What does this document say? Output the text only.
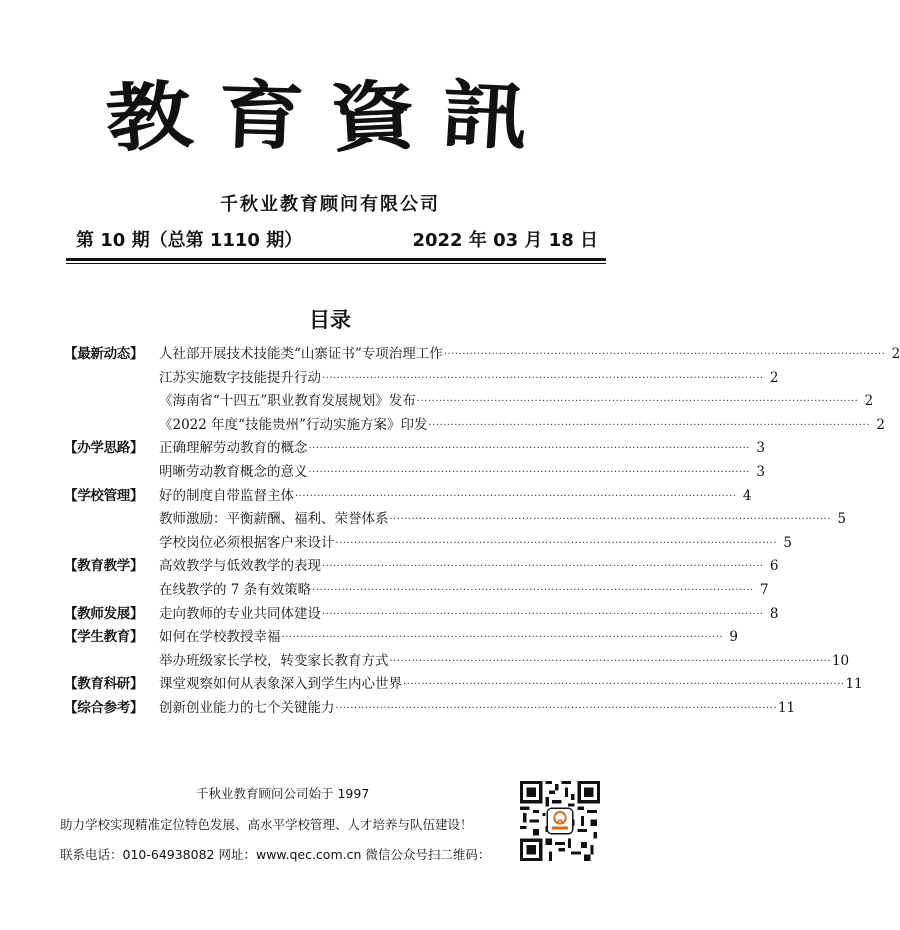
教育資訊
千秋业教育顾问有限公司
第 10 期（总第 1110 期）	2022 年 03 月 18 日
目录
【最新动态】	人社部开展技术技能类“山寨证书”专项治理工作 ························································································································ 2
江苏实施数字技能提升行动 ························································································································ 2
《海南省“十四五”职业教育发展规划》发布 ························································································································ 2
《2022 年度“技能贵州”行动实施方案》印发 ························································································································ 2
【办学思路】	正确理解劳动教育的概念 ························································································································ 3
明晰劳动教育概念的意义 ························································································································ 3
【学校管理】	好的制度自带监督主体 ························································································································ 4
教师激励：平衡薪酬、福利、荣誉体系 ························································································································ 5
学校岗位必须根据客户来设计 ························································································································ 5
【教育教学】	高效教学与低效教学的表现 ························································································································ 6
在线教学的 7 条有效策略 ························································································································ 7
【教师发展】	走向教师的专业共同体建设 ························································································································ 8
【学生教育】	如何在学校教授幸福 ························································································································ 9
举办班级家长学校，转变家长教育方式 ························································································································ 10
【教育科研】	课堂观察如何从表象深入到学生内心世界 ························································································································ 11
【综合参考】	创新创业能力的七个关键能力 ························································································································ 11
千秋业教育顾问公司始于 1997
助力学校实现精准定位特色发展、高水平学校管理、人才培养与队伍建设！
联系电话：010-64938082 网址：www.qec.com.cn 微信公众号扫二维码：
